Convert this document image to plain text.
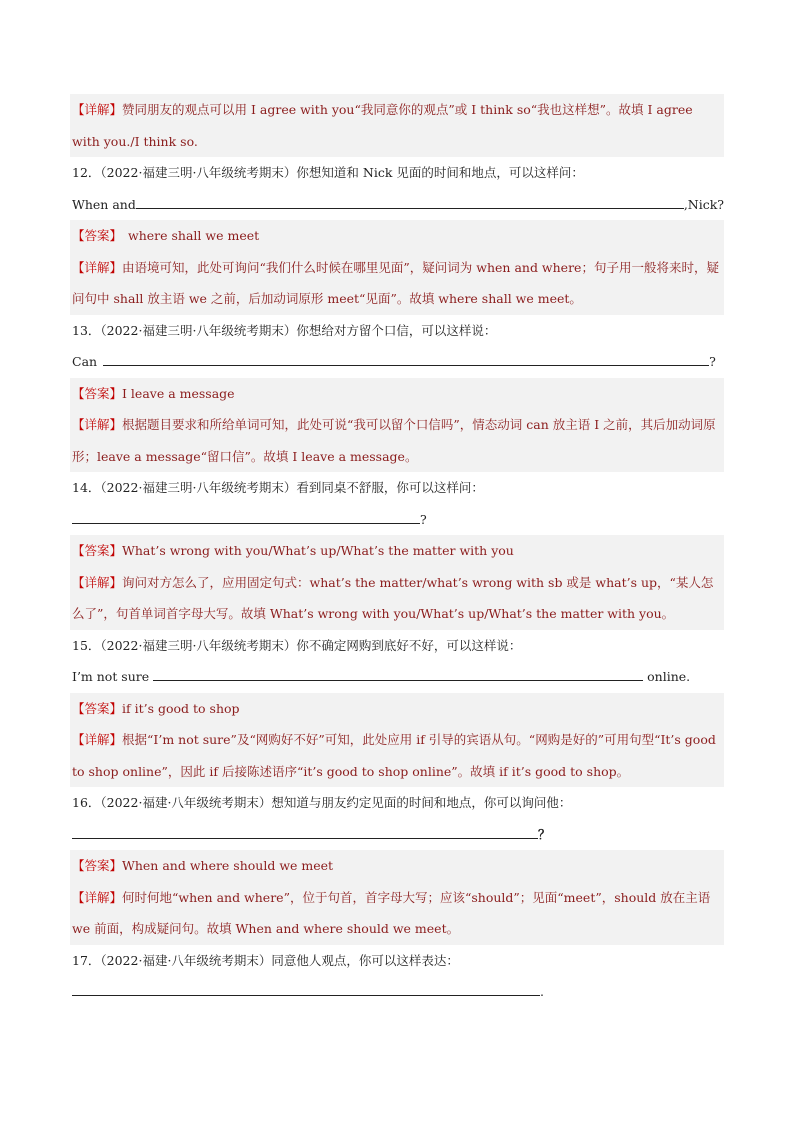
【详解】赞同朋友的观点可以用 I agree with you“我同意你的观点”或 I think so“我也这样想”。故填 I agree with you./I think so.
12．（2022·福建三明·八年级统考期末）你想知道和 Nick 见面的时间和地点，可以这样问：
When and	,Nick?
【答案】 where shall we meet
【详解】由语境可知，此处可询问“我们什么时候在哪里见面”，疑问词为 when and where；句子用一般将来时，疑问句中 shall 放主语 we 之前，后加动词原形 meet“见面”。故填 where shall we meet。
13．（2022·福建三明·八年级统考期末）你想给对方留个口信，可以这样说：
Can	?
【答案】I leave a message
【详解】根据题目要求和所给单词可知，此处可说“我可以留个口信吗”，情态动词 can 放主语 I 之前，其后加动词原形；leave a message“留口信”。故填 I leave a message。
14．（2022·福建三明·八年级统考期末）看到同桌不舒服，你可以这样问：
?
【答案】What’s wrong with you/What’s up/What’s the matter with you
【详解】询问对方怎么了，应用固定句式：what’s the matter/what’s wrong with sb 或是 what’s up，“某人怎么了”，句首单词首字母大写。故填 What’s wrong with you/What’s up/What’s the matter with you。
15．（2022·福建三明·八年级统考期末）你不确定网购到底好不好，可以这样说：
I’m not sure	online.
【答案】if it’s good to shop
【详解】根据“I’m not sure”及“网购好不好”可知，此处应用 if 引导的宾语从句。“网购是好的”可用句型“It’s good to shop online”，因此 if 后接陈述语序“it’s good to shop online”。故填 if it’s good to shop。
16．（2022·福建·八年级统考期末）想知道与朋友约定见面的时间和地点，你可以询问他：
？
【答案】When and where should we meet
【详解】何时何地“when and where”，位于句首，首字母大写；应该“should”；见面“meet”，should 放在主语 we 前面，构成疑问句。故填 When and where should we meet。
17．（2022·福建·八年级统考期末）同意他人观点，你可以这样表达：
.
